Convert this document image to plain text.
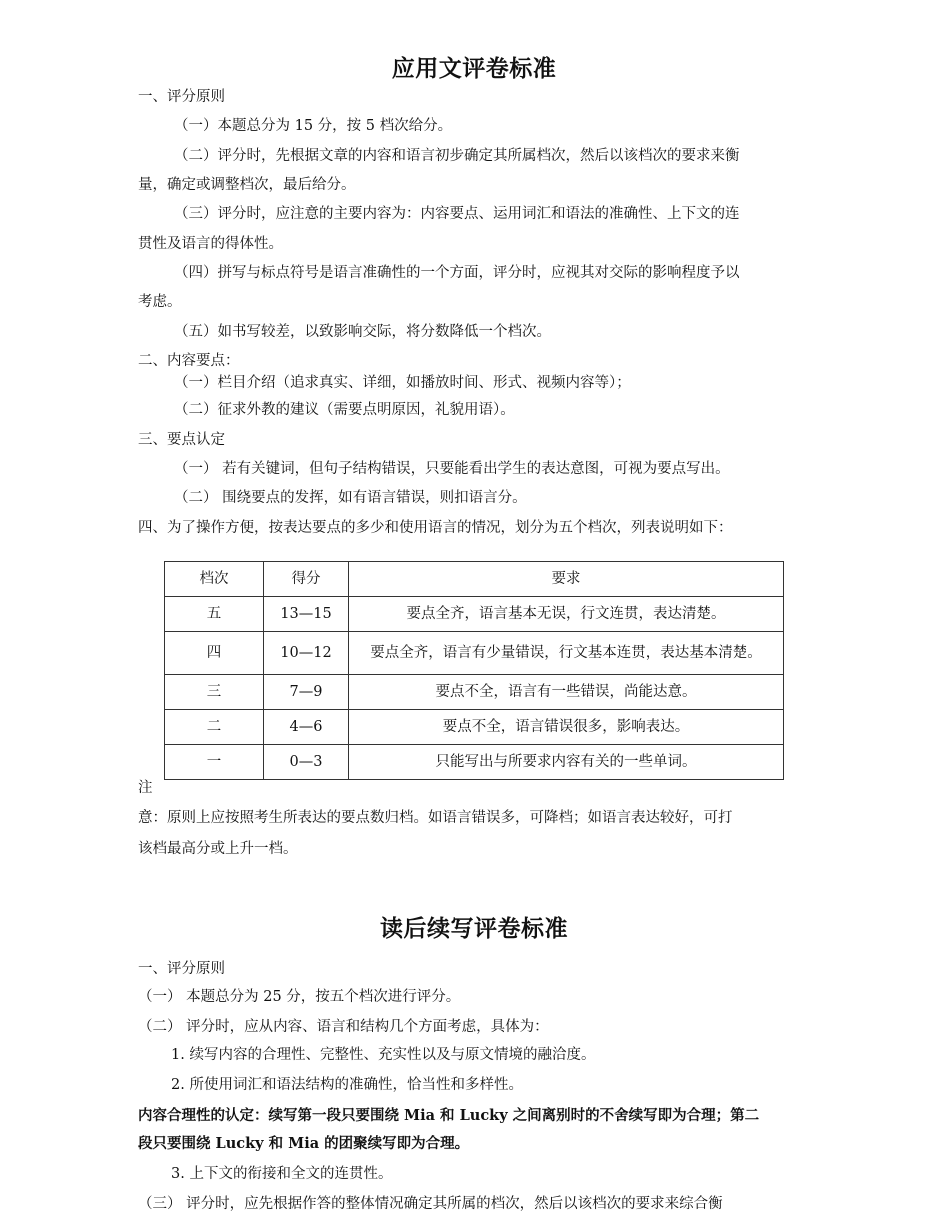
应用文评卷标准
一、评分原则
（一）本题总分为 15 分，按 5 档次给分。
（二）评分时，先根据文章的内容和语言初步确定其所属档次，然后以该档次的要求来衡
量，确定或调整档次，最后给分。
（三）评分时，应注意的主要内容为：内容要点、运用词汇和语法的准确性、上下文的连
贯性及语言的得体性。
（四）拼写与标点符号是语言准确性的一个方面，评分时，应视其对交际的影响程度予以
考虑。
（五）如书写较差，以致影响交际，将分数降低一个档次。
二、内容要点：
（一）栏目介绍（追求真实、详细，如播放时间、形式、视频内容等）；
（二）征求外教的建议（需要点明原因，礼貌用语）。
三、要点认定
（一） 若有关键词，但句子结构错误，只要能看出学生的表达意图，可视为要点写出。
（二） 围绕要点的发挥，如有语言错误，则扣语言分。
四、为了操作方便，按表达要点的多少和使用语言的情况，划分为五个档次，列表说明如下：
档次	得分	要求
五	13—15	要点全齐，语言基本无误，行文连贯，表达清楚。
四	10—12	要点全齐，语言有少量错误，行文基本连贯，表达基本清楚。
三	7—9	要点不全，语言有一些错误，尚能达意。
二	4—6	要点不全，语言错误很多，影响表达。
一	0—3	只能写出与所要求内容有关的一些单词。
注
意：原则上应按照考生所表达的要点数归档。如语言错误多，可降档；如语言表达较好，可打
该档最高分或上升一档。
读后续写评卷标准
一、评分原则
（一） 本题总分为 25 分，按五个档次进行评分。
（二） 评分时，应从内容、语言和结构几个方面考虑，具体为：
1. 续写内容的合理性、完整性、充实性以及与原文情境的融洽度。
2. 所使用词汇和语法结构的准确性，恰当性和多样性。
内容合理性的认定：续写第一段只要围绕 Mia 和 Lucky 之间离别时的不舍续写即为合理；第二
段只要围绕 Lucky 和 Mia 的团聚续写即为合理。
3. 上下文的衔接和全文的连贯性。
（三） 评分时，应先根据作答的整体情况确定其所属的档次，然后以该档次的要求来综合衡
